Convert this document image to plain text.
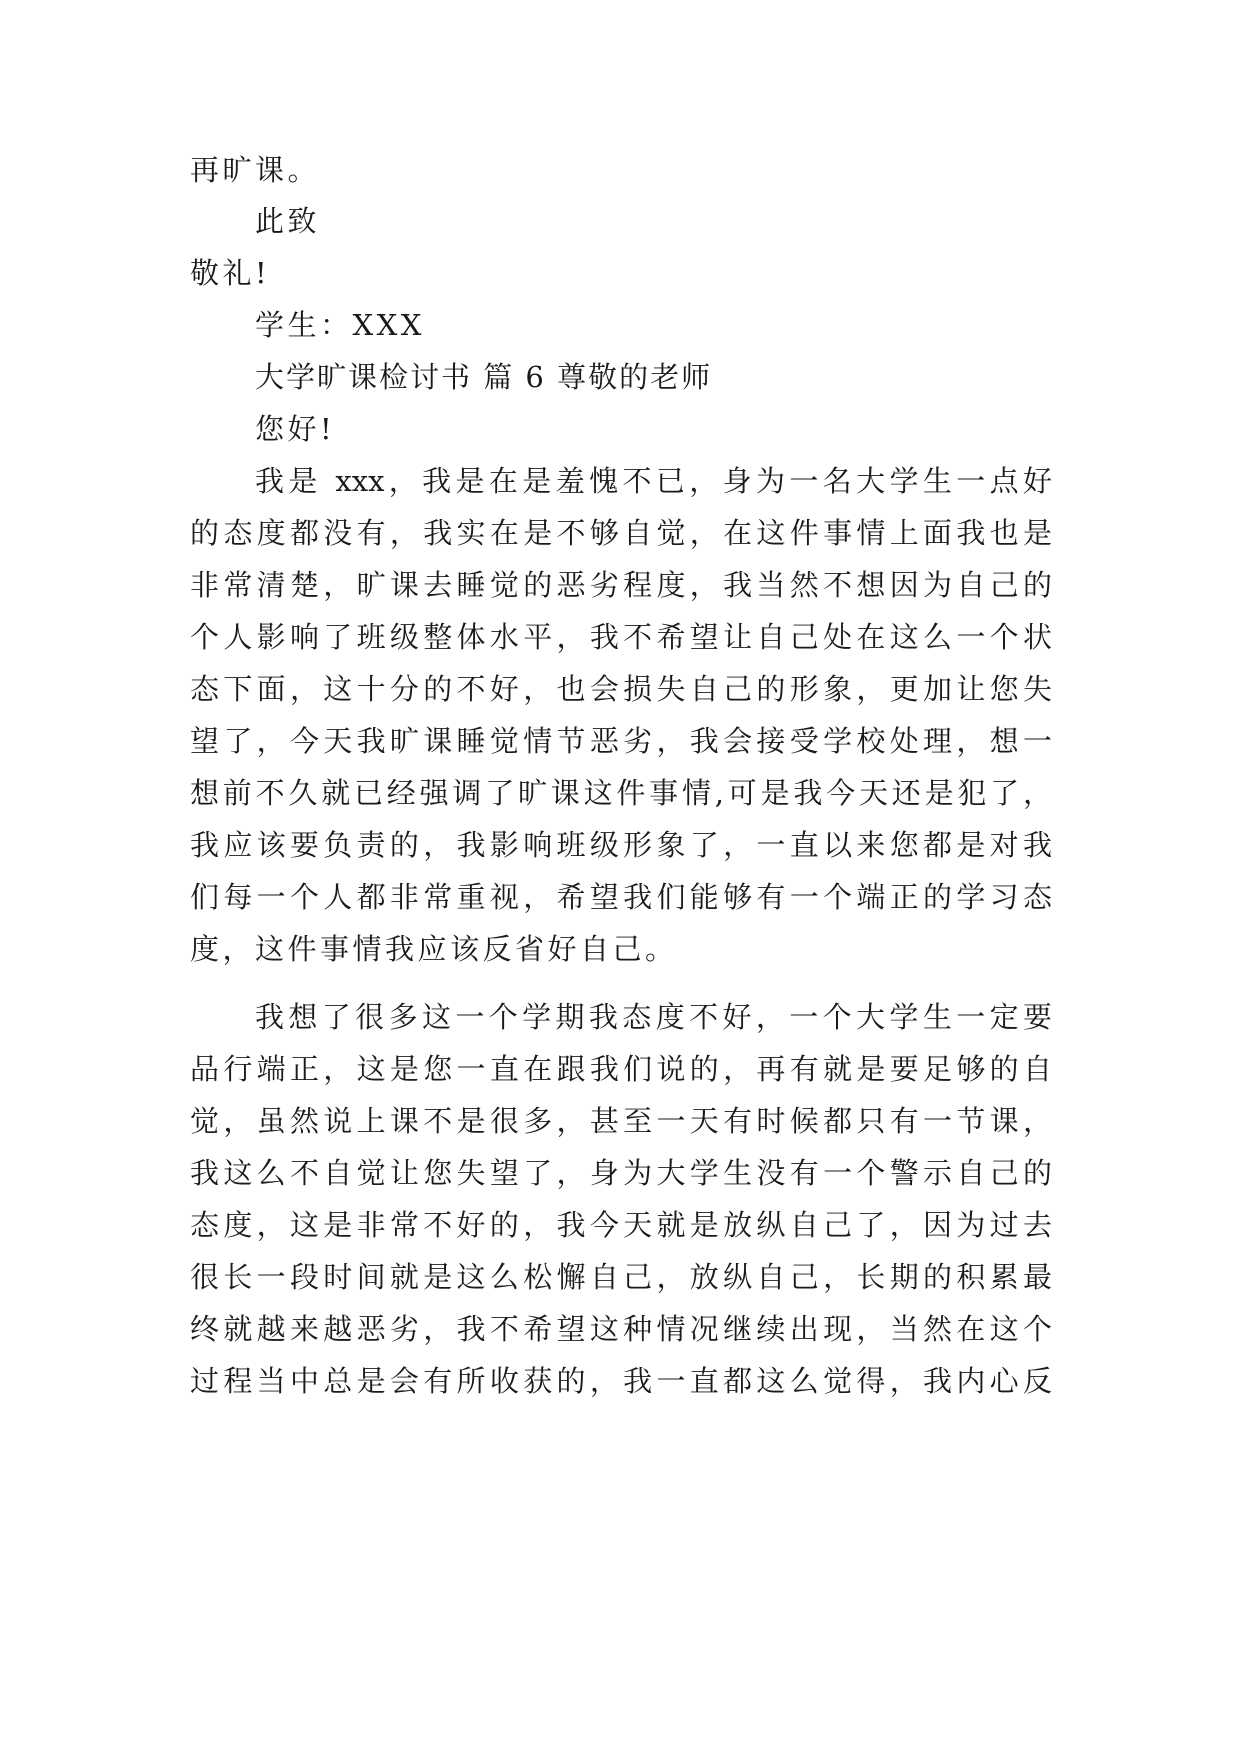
再旷课。

此致

敬礼!

学生：XXX

大学旷课检讨书 篇 6 尊敬的老师

您好!

我是 xxx，我是在是羞愧不已，身为一名大学生一点好

的态度都没有，我实在是不够自觉，在这件事情上面我也是

非常清楚，旷课去睡觉的恶劣程度，我当然不想因为自己的

个人影响了班级整体水平，我不希望让自己处在这么一个状

态下面，这十分的不好，也会损失自己的形象，更加让您失

望了，今天我旷课睡觉情节恶劣，我会接受学校处理，想一

想前不久就已经强调了旷课这件事情,可是我今天还是犯了，

我应该要负责的，我影响班级形象了，一直以来您都是对我

们每一个人都非常重视，希望我们能够有一个端正的学习态

度，这件事情我应该反省好自己。

我想了很多这一个学期我态度不好，一个大学生一定要

品行端正，这是您一直在跟我们说的，再有就是要足够的自

觉，虽然说上课不是很多，甚至一天有时候都只有一节课，

我这么不自觉让您失望了，身为大学生没有一个警示自己的

态度，这是非常不好的，我今天就是放纵自己了，因为过去

很长一段时间就是这么松懈自己，放纵自己，长期的积累最

终就越来越恶劣，我不希望这种情况继续出现，当然在这个

过程当中总是会有所收获的，我一直都这么觉得，我内心反
